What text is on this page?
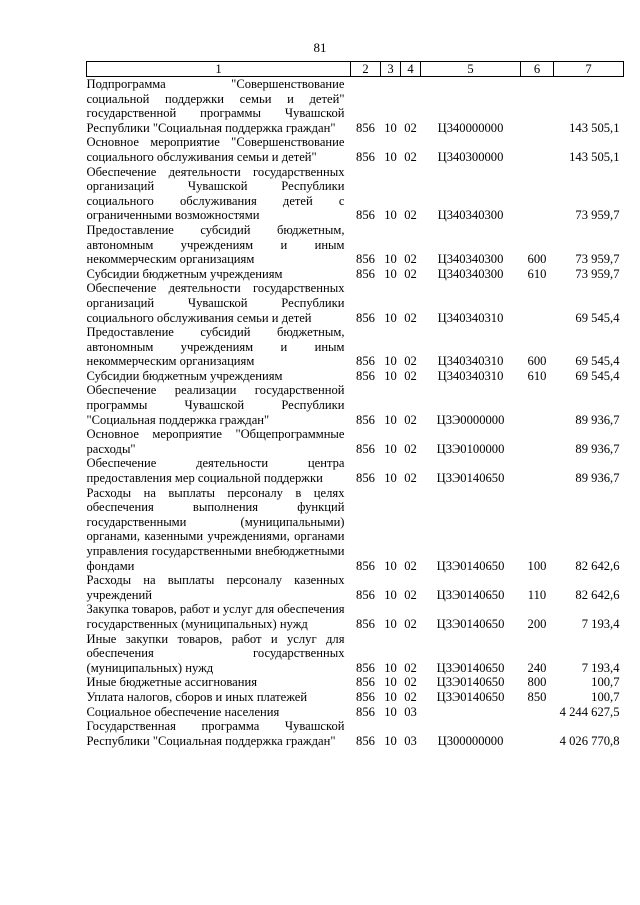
81
1	2	3	4	5	6	7
Подпрограмма "Совершенствование социальной поддержки семьи и детей" государственной программы Чувашской Республики "Социальная поддержка граждан"	856	10	02	Ц340000000		143 505,1
Основное мероприятие "Совершенствование социального обслуживания семьи и детей"	856	10	02	Ц340300000		143 505,1
Обеспечение деятельности государственных организаций Чувашской Республики социального обслуживания детей с ограниченными возможностями	856	10	02	Ц340340300		73 959,7
Предоставление субсидий бюджетным, автономным учреждениям и иным некоммерческим организациям	856	10	02	Ц340340300	600	73 959,7
Субсидии бюджетным учреждениям	856	10	02	Ц340340300	610	73 959,7
Обеспечение деятельности государственных организаций Чувашской Республики социального обслуживания семьи и детей	856	10	02	Ц340340310		69 545,4
Предоставление субсидий бюджетным, автономным учреждениям и иным некоммерческим организациям	856	10	02	Ц340340310	600	69 545,4
Субсидии бюджетным учреждениям	856	10	02	Ц340340310	610	69 545,4
Обеспечение реализации государственной программы Чувашской Республики "Социальная поддержка граждан"	856	10	02	Ц3Э0000000		89 936,7
Основное мероприятие "Общепрограммные расходы"	856	10	02	Ц3Э0100000		89 936,7
Обеспечение деятельности центра предоставления мер социальной поддержки	856	10	02	Ц3Э0140650		89 936,7
Расходы на выплаты персоналу в целях обеспечения выполнения функций государственными (муниципальными) органами, казенными учреждениями, органами управления государственными внебюджетными фондами	856	10	02	Ц3Э0140650	100	82 642,6
Расходы на выплаты персоналу казенных учреждений	856	10	02	Ц3Э0140650	110	82 642,6
Закупка товаров, работ и услуг для обеспечения государственных (муниципальных) нужд	856	10	02	Ц3Э0140650	200	7 193,4
Иные закупки товаров, работ и услуг для обеспечения государственных (муниципальных) нужд	856	10	02	Ц3Э0140650	240	7 193,4
Иные бюджетные ассигнования	856	10	02	Ц3Э0140650	800	100,7
Уплата налогов, сборов и иных платежей	856	10	02	Ц3Э0140650	850	100,7
Социальное обеспечение населения	856	10	03			4 244 627,5
Государственная программа Чувашской Республики "Социальная поддержка граждан"	856	10	03	Ц300000000		4 026 770,8
